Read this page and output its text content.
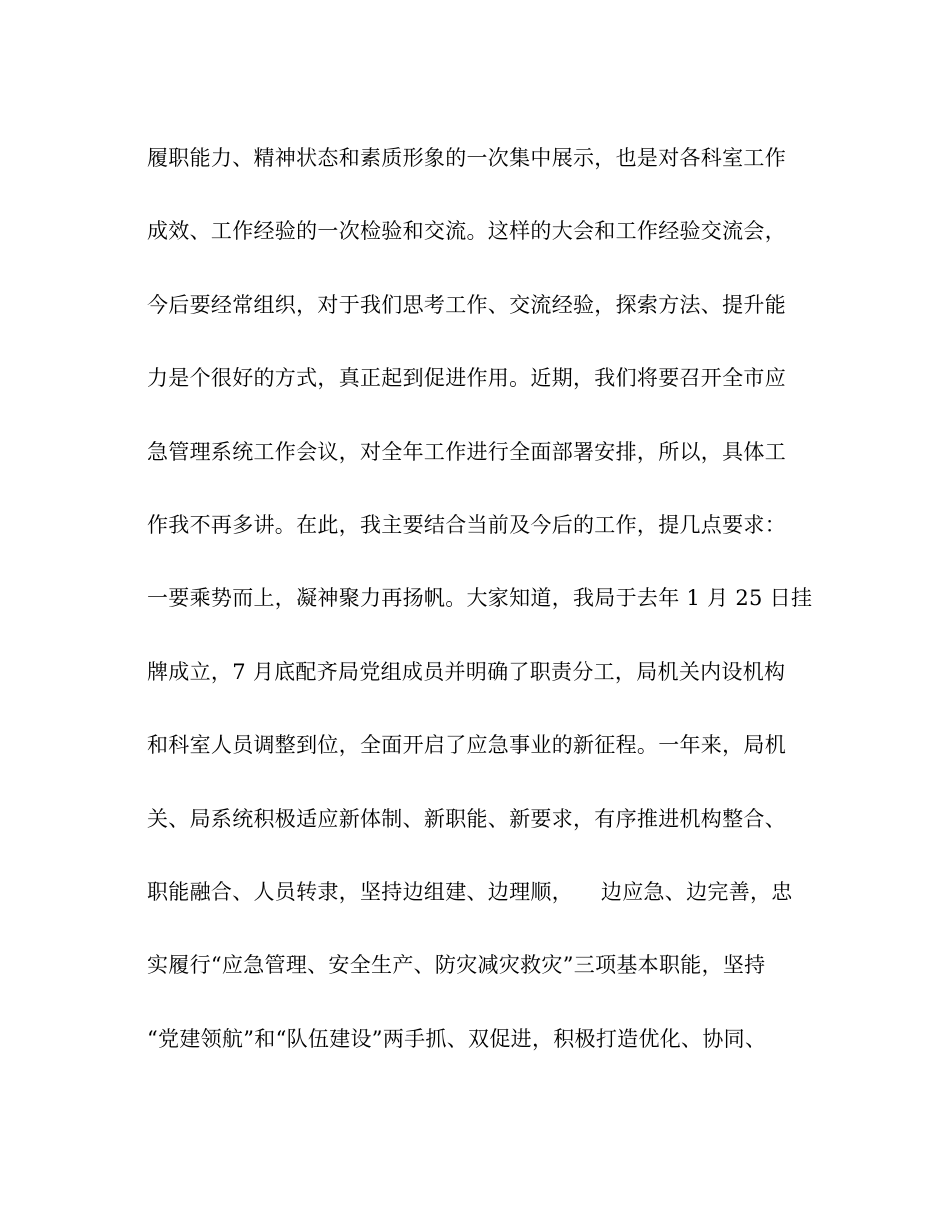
履职能力、精神状态和素质形象的一次集中展示，也是对各科室工作
成效、工作经验的一次检验和交流。这样的大会和工作经验交流会，
今后要经常组织，对于我们思考工作、交流经验，探索方法、提升能
力是个很好的方式，真正起到促进作用。近期，我们将要召开全市应
急管理系统工作会议，对全年工作进行全面部署安排，所以，具体工
作我不再多讲。在此，我主要结合当前及今后的工作，提几点要求：
一要乘势而上，凝神聚力再扬帆。大家知道，我局于去年 1 月 25 日挂
牌成立，7 月底配齐局党组成员并明确了职责分工，局机关内设机构
和科室人员调整到位，全面开启了应急事业的新征程。一年来，局机
关、局系统积极适应新体制、新职能、新要求，有序推进机构整合、
职能融合、人员转隶，坚持边组建、边理顺，    边应急、边完善，忠
实履行“应急管理、安全生产、防灾减灾救灾”三项基本职能，坚持
“党建领航”和“队伍建设”两手抓、双促进，积极打造优化、协同、
